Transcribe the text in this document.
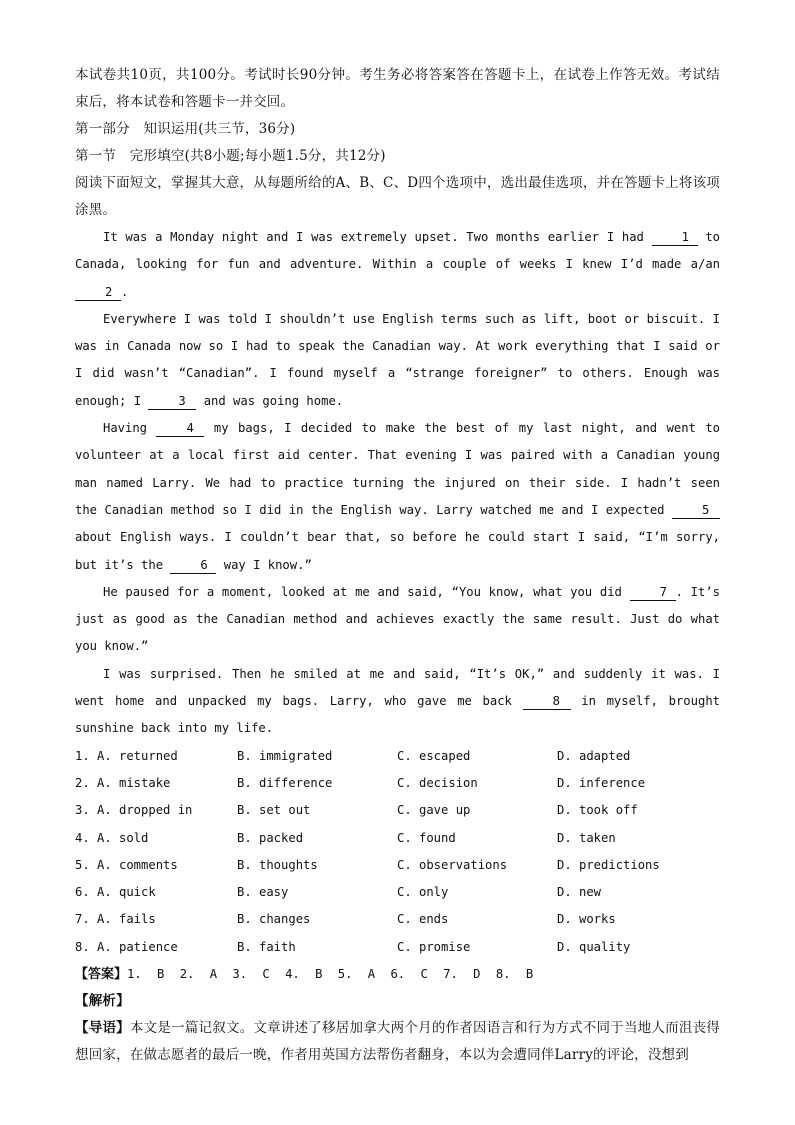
本试卷共10页，共100分。考试时长90分钟。考生务必将答案答在答题卡上，在试卷上作答无效。考试结束后，将本试卷和答题卡一并交回。

第一部分　知识运用(共三节，36分)

第一节　完形填空(共8小题;每小题1.5分，共12分)

阅读下面短文，掌握其大意，从每题所给的A、B、C、D四个选项中，选出最佳选项，并在答题卡上将该项涂黑。

It was a Monday night and I was extremely upset. Two months earlier I had 1 to Canada, looking for fun and adventure. Within a couple of weeks I knew I’d made a/an 2 .

Everywhere I was told I shouldn’t use English terms such as lift, boot or biscuit. I was in Canada now so I had to speak the Canadian way. At work everything that I said or I did wasn’t “Canadian”. I found myself a “strange foreigner” to others. Enough was enough; I 3 and was going home.

Having 4 my bags, I decided to make the best of my last night, and went to volunteer at a local first aid center. That evening I was paired with a Canadian young man named Larry. We had to practice turning the injured on their side. I hadn’t seen the Canadian method so I did in the English way. Larry watched me and I expected 5 about English ways. I couldn’t bear that, so before he could start I said, “I’m sorry, but it’s the 6 way I know.”

He paused for a moment, looked at me and said, “You know, what you did 7 . It’s just as good as the Canadian method and achieves exactly the same result. Just do what you know.”

I was surprised. Then he smiled at me and said, “It’s OK,” and suddenly it was. I went home and unpacked my bags. Larry, who gave me back 8 in myself, brought sunshine back into my life.

1. A. returned	B. immigrated	C. escaped	D. adapted
2. A. mistake	B. difference	C. decision	D. inference
3. A. dropped in	B. set out	C. gave up	D. took off
4. A. sold	B. packed	C. found	D. taken
5. A. comments	B. thoughts	C. observations	D. predictions
6. A. quick	B. easy	C. only	D. new
7. A. fails	B. changes	C. ends	D. works
8. A. patience	B. faith	C. promise	D. quality

【答案】1. B 2. A 3. C 4. B 5. A 6. C 7. D 8. B

【解析】

【导语】本文是一篇记叙文。文章讲述了移居加拿大两个月的作者因语言和行为方式不同于当地人而沮丧得想回家，在做志愿者的最后一晚，作者用英国方法帮伤者翻身，本以为会遭同伴Larry的评论，没想到
